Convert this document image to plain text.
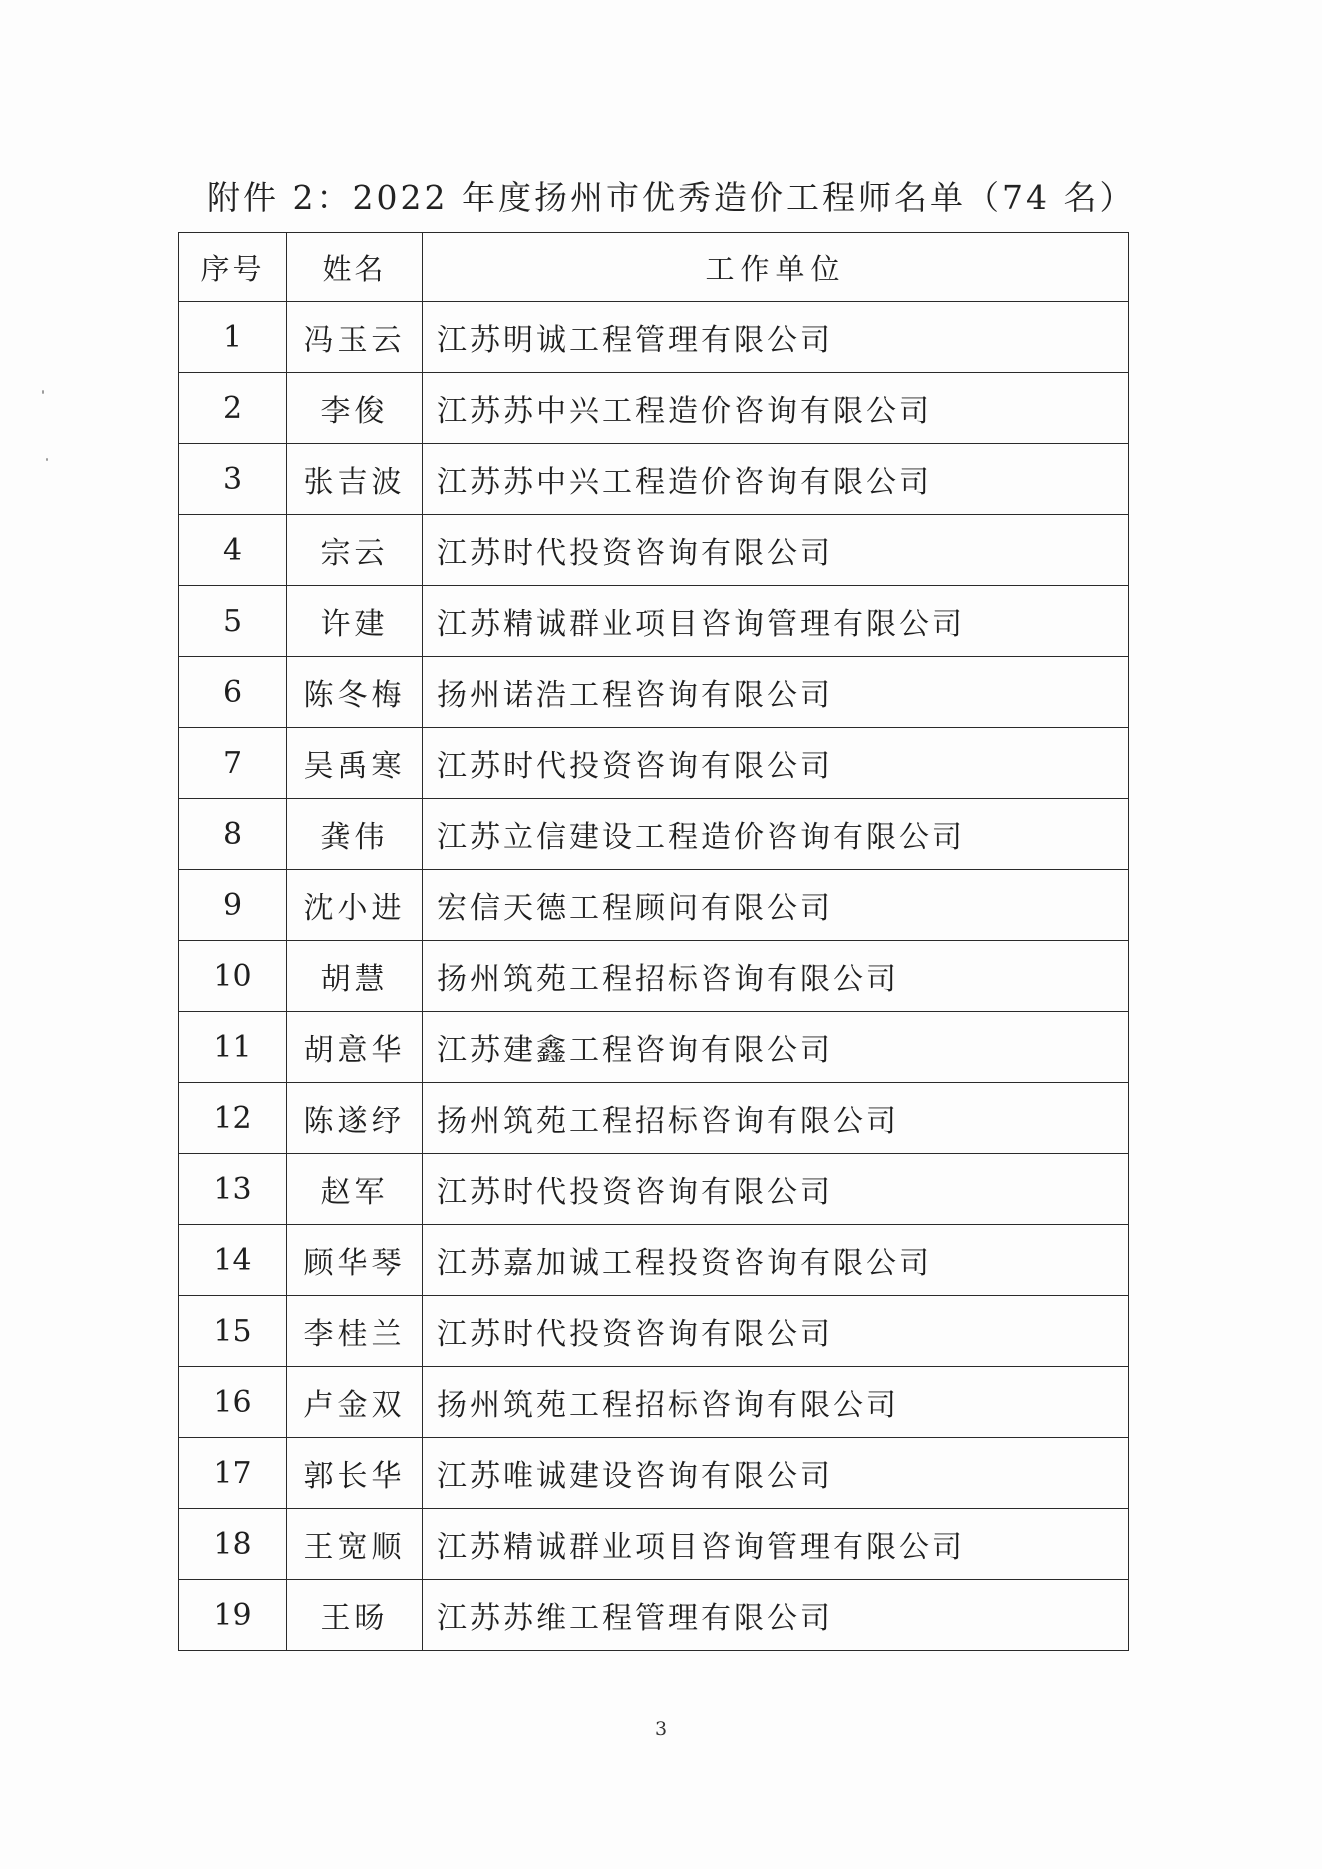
附件 2：2022 年度扬州市优秀造价工程师名单（74 名）
序号	姓名	工作单位
1	冯玉云	江苏明诚工程管理有限公司
2	李俊	江苏苏中兴工程造价咨询有限公司
3	张吉波	江苏苏中兴工程造价咨询有限公司
4	宗云	江苏时代投资咨询有限公司
5	许建	江苏精诚群业项目咨询管理有限公司
6	陈冬梅	扬州诺浩工程咨询有限公司
7	吴禹寒	江苏时代投资咨询有限公司
8	龚伟	江苏立信建设工程造价咨询有限公司
9	沈小进	宏信天德工程顾问有限公司
10	胡慧	扬州筑苑工程招标咨询有限公司
11	胡意华	江苏建鑫工程咨询有限公司
12	陈遂纾	扬州筑苑工程招标咨询有限公司
13	赵军	江苏时代投资咨询有限公司
14	顾华琴	江苏嘉加诚工程投资咨询有限公司
15	李桂兰	江苏时代投资咨询有限公司
16	卢金双	扬州筑苑工程招标咨询有限公司
17	郭长华	江苏唯诚建设咨询有限公司
18	王宽顺	江苏精诚群业项目咨询管理有限公司
19	王旸	江苏苏维工程管理有限公司
3
